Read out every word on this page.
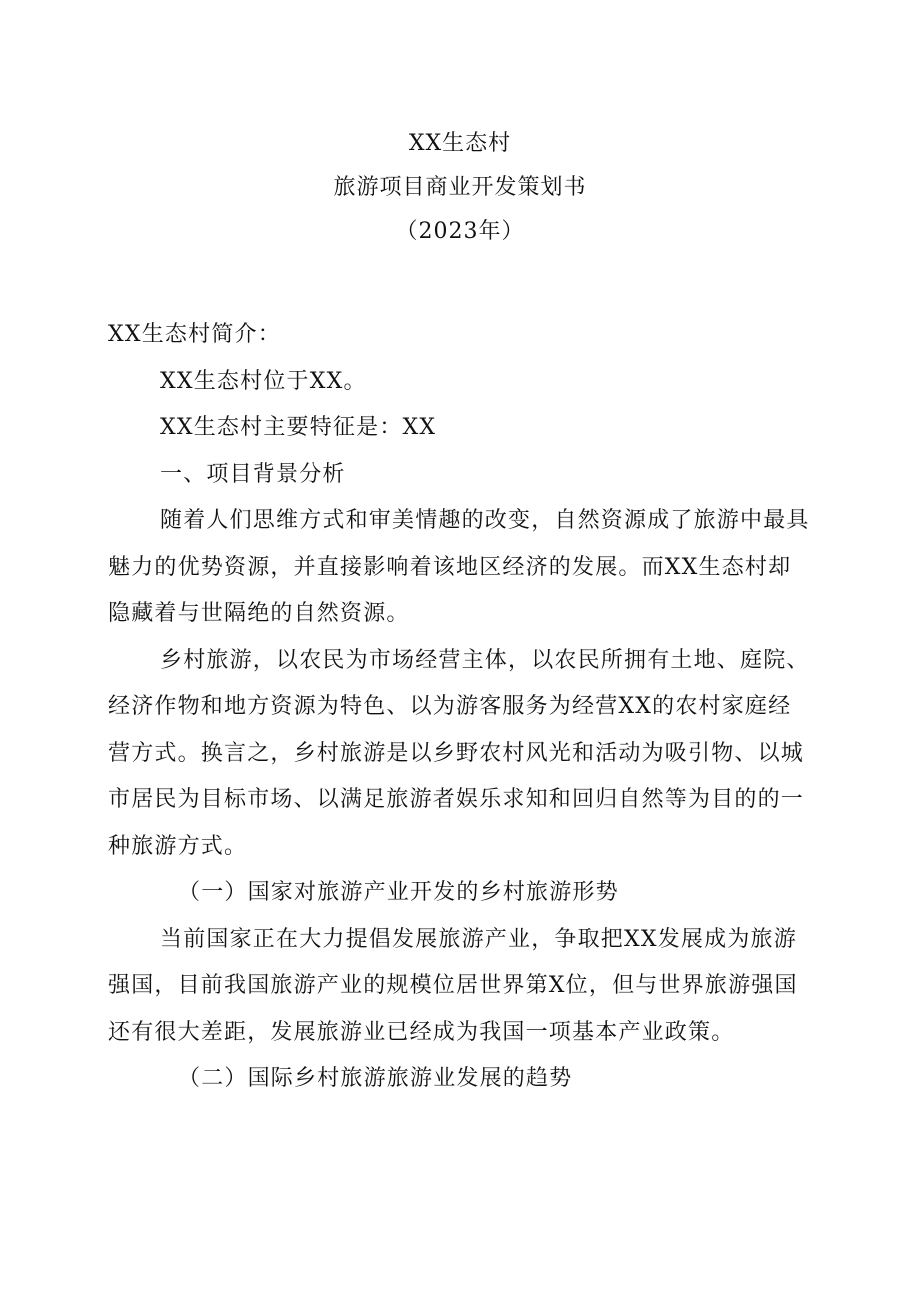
XX生态村
旅游项目商业开发策划书
（2023年）

XX生态村简介：

XX生态村位于XX。

XX生态村主要特征是：XX

一、项目背景分析

随着人们思维方式和审美情趣的改变，自然资源成了旅游中最具魅力的优势资源，并直接影响着该地区经济的发展。而XX生态村却隐藏着与世隔绝的自然资源。

乡村旅游，以农民为市场经营主体，以农民所拥有土地、庭院、经济作物和地方资源为特色、以为游客服务为经营XX的农村家庭经营方式。换言之，乡村旅游是以乡野农村风光和活动为吸引物、以城市居民为目标市场、以满足旅游者娱乐求知和回归自然等为目的的一种旅游方式。

（一）国家对旅游产业开发的乡村旅游形势

当前国家正在大力提倡发展旅游产业，争取把XX发展成为旅游强国，目前我国旅游产业的规模位居世界第X位，但与世界旅游强国还有很大差距，发展旅游业已经成为我国一项基本产业政策。

（二）国际乡村旅游旅游业发展的趋势
